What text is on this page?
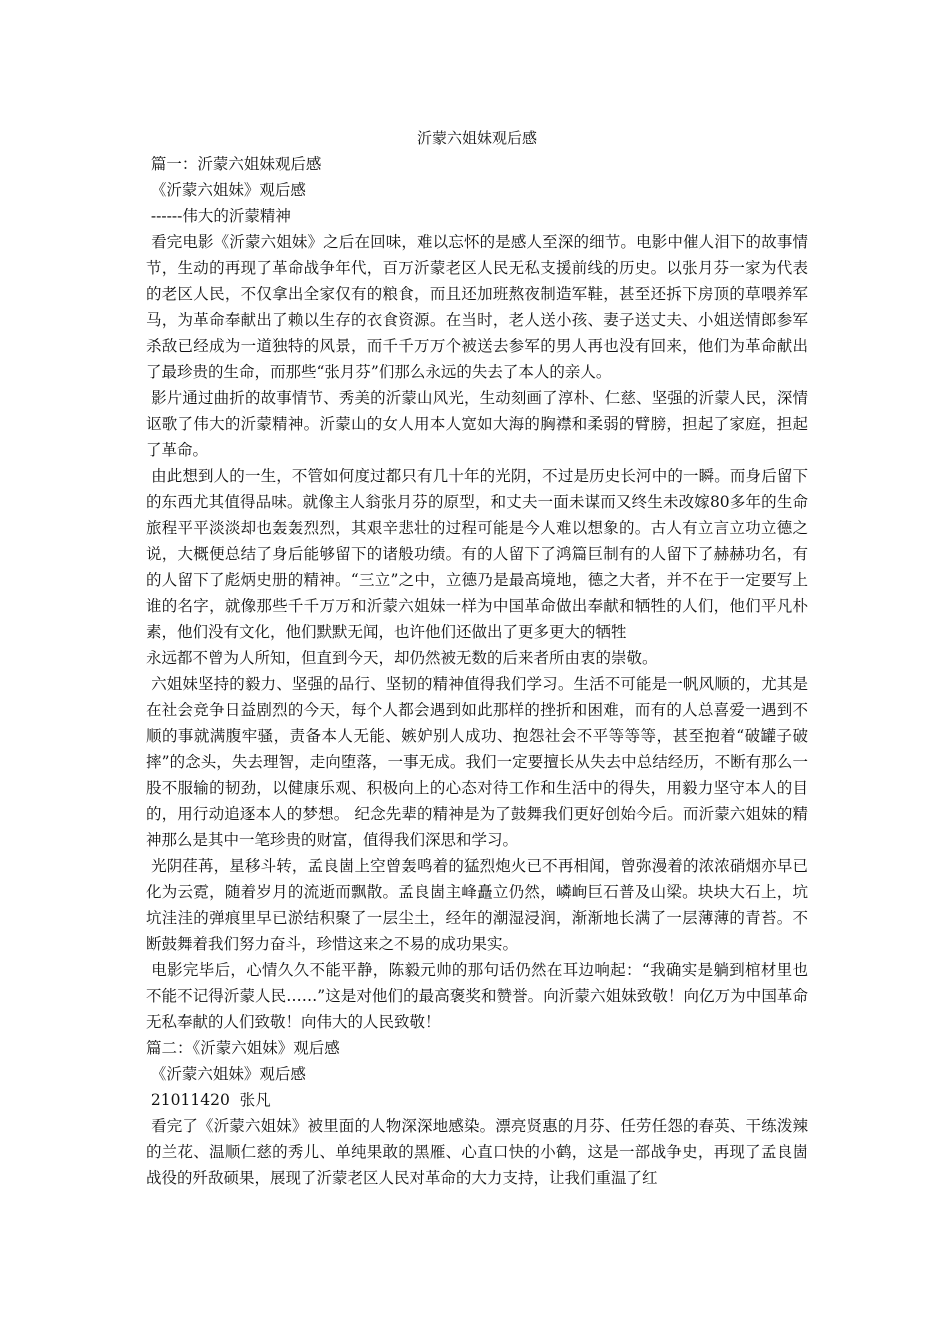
沂蒙六姐妹观后感

篇一：沂蒙六姐妹观后感

《沂蒙六姐妹》观后感

------伟大的沂蒙精神

看完电影《沂蒙六姐妹》之后在回味，难以忘怀的是感人至深的细节。电影中催人泪下的故事情节，生动的再现了革命战争年代，百万沂蒙老区人民无私支援前线的历史。以张月芬一家为代表的老区人民，不仅拿出全家仅有的粮食，而且还加班熬夜制造军鞋，甚至还拆下房顶的草喂养军马，为革命奉献出了赖以生存的衣食资源。在当时，老人送小孩、妻子送丈夫、小姐送情郎参军杀敌已经成为一道独特的风景，而千千万万个被送去参军的男人再也没有回来，他们为革命献出了最珍贵的生命，而那些“张月芬”们那么永远的失去了本人的亲人。

影片通过曲折的故事情节、秀美的沂蒙山风光，生动刻画了淳朴、仁慈、坚强的沂蒙人民，深情讴歌了伟大的沂蒙精神。沂蒙山的女人用本人宽如大海的胸襟和柔弱的臂膀，担起了家庭，担起了革命。

由此想到人的一生，不管如何度过都只有几十年的光阴，不过是历史长河中的一瞬。而身后留下的东西尤其值得品味。就像主人翁张月芬的原型，和丈夫一面未谋而又终生未改嫁80多年的生命旅程平平淡淡却也轰轰烈烈，其艰辛悲壮的过程可能是今人难以想象的。古人有立言立功立德之说，大概便总结了身后能够留下的诸般功绩。有的人留下了鸿篇巨制有的人留下了赫赫功名，有的人留下了彪炳史册的精神。“三立”之中，立德乃是最高境地，德之大者，并不在于一定要写上谁的名字，就像那些千千万万和沂蒙六姐妹一样为中国革命做出奉献和牺牲的人们，他们平凡朴素，他们没有文化，他们默默无闻，也许他们还做出了更多更大的牺牲

永远都不曾为人所知，但直到今天，却仍然被无数的后来者所由衷的崇敬。

六姐妹坚持的毅力、坚强的品行、坚韧的精神值得我们学习。生活不可能是一帆风顺的，尤其是在社会竞争日益剧烈的今天，每个人都会遇到如此那样的挫折和困难，而有的人总喜爱一遇到不顺的事就满腹牢骚，责备本人无能、嫉妒别人成功、抱怨社会不平等等等，甚至抱着“破罐子破摔”的念头，失去理智，走向堕落，一事无成。我们一定要擅长从失去中总结经历，不断有那么一股不服输的韧劲，以健康乐观、积极向上的心态对待工作和生活中的得失，用毅力坚守本人的目的，用行动追逐本人的梦想。 纪念先辈的精神是为了鼓舞我们更好创始今后。而沂蒙六姐妹的精神那么是其中一笔珍贵的财富，值得我们深思和学习。

光阴荏苒，星移斗转，孟良崮上空曾轰鸣着的猛烈炮火已不再相闻，曾弥漫着的浓浓硝烟亦早已化为云霓，随着岁月的流逝而飘散。孟良崮主峰矗立仍然，嶙峋巨石普及山梁。块块大石上，坑坑洼洼的弹痕里早已淤结积聚了一层尘土，经年的潮湿浸润，渐渐地长满了一层薄薄的青苔。不断鼓舞着我们努力奋斗，珍惜这来之不易的成功果实。

电影完毕后，心情久久不能平静，陈毅元帅的那句话仍然在耳边响起：“我确实是躺到棺材里也不能不记得沂蒙人民……”这是对他们的最高褒奖和赞誉。向沂蒙六姐妹致敬！向亿万为中国革命无私奉献的人们致敬！向伟大的人民致敬！

篇二：《沂蒙六姐妹》观后感

《沂蒙六姐妹》观后感

21011420  张凡

看完了《沂蒙六姐妹》被里面的人物深深地感染。漂亮贤惠的月芬、任劳任怨的春英、干练泼辣的兰花、温顺仁慈的秀儿、单纯果敢的黑雁、心直口快的小鹤，这是一部战争史，再现了孟良崮战役的歼敌硕果，展现了沂蒙老区人民对革命的大力支持，让我们重温了红
